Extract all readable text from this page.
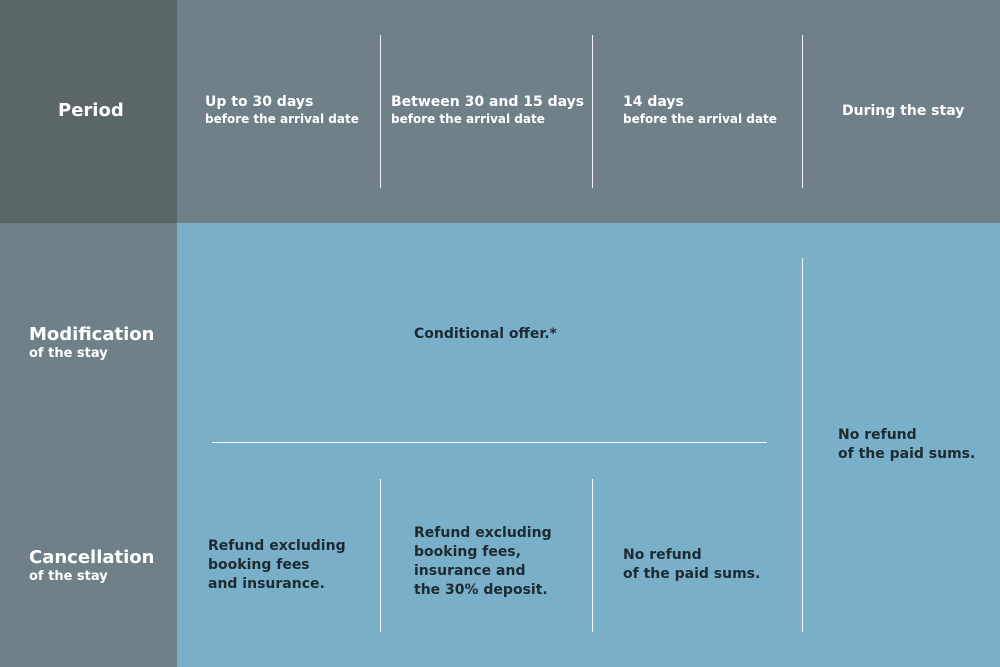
Period	Up to 30 days
before the arrival date
Between 30 and 15 days
before the arrival date
14 days
before the arrival date	During the stay
Modification
of the stay
Cancellation
of the stay
Conditional offer.*
No refund
of the paid sums.
Refund excluding
booking fees
and insurance.
Refund excluding
booking fees,
insurance and
the 30% deposit.
No refund
of the paid sums.
